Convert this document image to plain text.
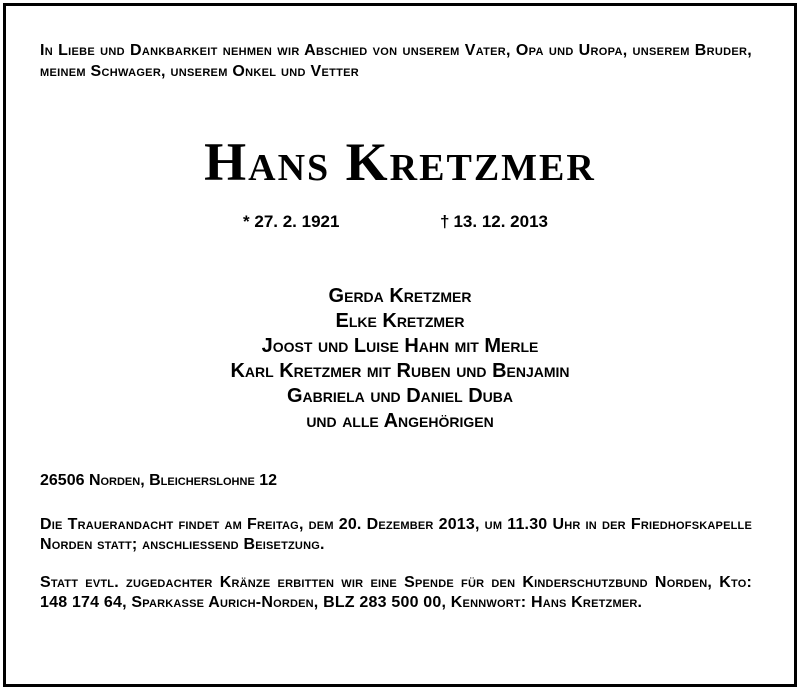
In Liebe und Dankbarkeit nehmen wir Abschied von unserem Vater, Opa und Uropa, unserem Bruder, meinem Schwager, unserem Onkel und Vetter
Hans Kretzmer
* 27. 2. 1921	† 13. 12. 2013
Gerda Kretzmer
Elke Kretzmer
Joost und Luise Hahn mit Merle
Karl Kretzmer mit Ruben und Benjamin
Gabriela und Daniel Duba
und alle Angehörigen
26506 Norden, Bleicherslohne 12
Die Trauerandacht findet am Freitag, dem 20. Dezember 2013, um 11.30 Uhr in der Friedhofskapelle Norden statt; anschliessend Beisetzung.
Statt evtl. zugedachter Kränze erbitten wir eine Spende für den Kinderschutzbund Norden, Kto: 148 174 64, Sparkasse Aurich-Norden, BLZ 283 500 00, Kennwort: Hans Kretzmer.
